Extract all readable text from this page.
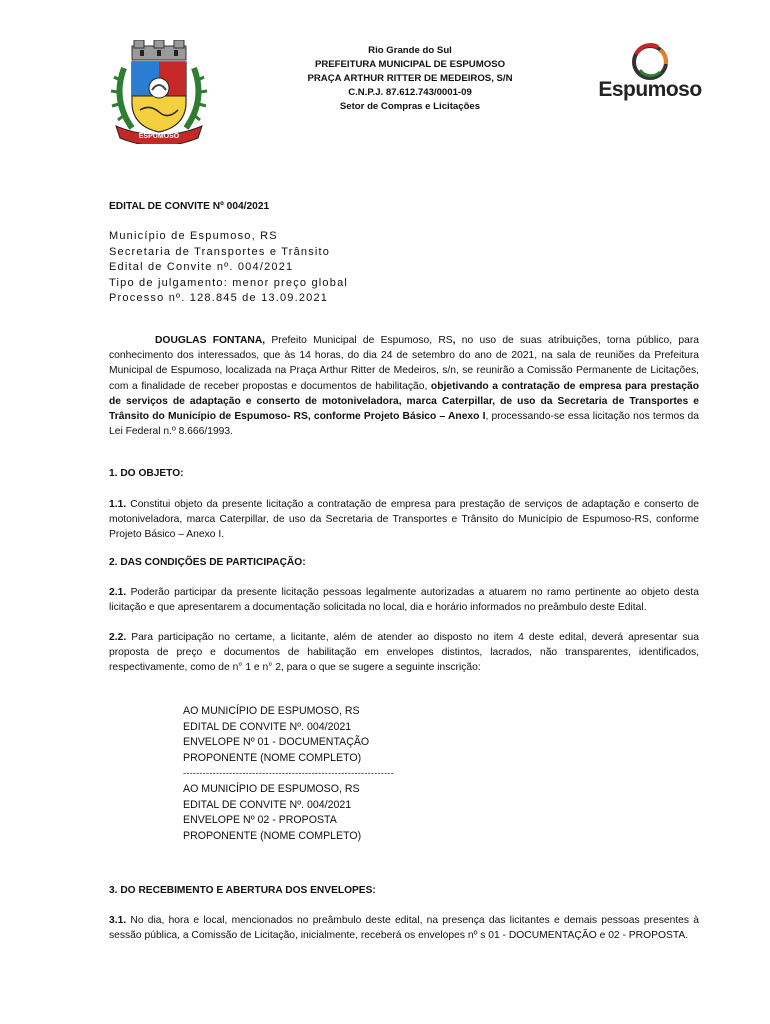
ESPUMOSO
Rio Grande do Sul
PREFEITURA MUNICIPAL DE ESPUMOSO
PRAÇA ARTHUR RITTER DE MEDEIROS, S/N
C.N.P.J. 87.612.743/0001-09
Setor de Compras e Licitações
Espumoso
EDITAL DE CONVITE Nº 004/2021
Município de Espumoso, RS
Secretaria de Transportes e Trânsito
Edital de Convite nº. 004/2021
Tipo de julgamento: menor preço global
Processo nº. 128.845 de 13.09.2021
DOUGLAS FONTANA, Prefeito Municipal de Espumoso, RS, no uso de suas atribuições, torna público, para conhecimento dos interessados, que às 14 horas, do dia 24 de setembro do ano de 2021, na sala de reuniões da Prefeitura Municipal de Espumoso, localizada na Praça Arthur Ritter de Medeiros, s/n, se reunirão a Comissão Permanente de Licitações, com a finalidade de receber propostas e documentos de habilitação, objetivando a contratação de empresa para prestação de serviços de adaptação e conserto de motoniveladora, marca Caterpillar, de uso da Secretaria de Transportes e Trânsito do Município de Espumoso- RS, conforme Projeto Básico – Anexo I, processando-se essa licitação nos termos da Lei Federal n.º 8.666/1993.
1. DO OBJETO:
1.1. Constitui objeto da presente licitação a contratação de empresa para prestação de serviços de adaptação e conserto de motoniveladora, marca Caterpillar, de uso da Secretaria de Transportes e Trânsito do Município de Espumoso-RS, conforme Projeto Básico – Anexo I.
2. DAS CONDIÇÕES DE PARTICIPAÇÃO:
2.1. Poderão participar da presente licitação pessoas legalmente autorizadas a atuarem no ramo pertinente ao objeto desta licitação e que apresentarem a documentação solicitada no local, dia e horário informados no preâmbulo deste Edital.
2.2. Para participação no certame, a licitante, além de atender ao disposto no item 4 deste edital, deverá apresentar sua proposta de preço e documentos de habilitação em envelopes distintos, lacrados, não transparentes, identificados, respectivamente, como de n° 1 e n° 2, para o que se sugere a seguinte inscrição:
AO MUNICÍPIO DE ESPUMOSO, RS
EDITAL DE CONVITE Nº. 004/2021
ENVELOPE Nº 01 - DOCUMENTAÇÃO
PROPONENTE (NOME COMPLETO)
----------------------------------------------------------------
AO MUNICÍPIO DE ESPUMOSO, RS
EDITAL DE CONVITE Nº. 004/2021
ENVELOPE Nº 02 - PROPOSTA
PROPONENTE (NOME COMPLETO)
3. DO RECEBIMENTO E ABERTURA DOS ENVELOPES:
3.1. No dia, hora e local, mencionados no preâmbulo deste edital, na presença das licitantes e demais pessoas presentes à sessão pública, a Comissão de Licitação, inicialmente, receberá os envelopes nº s 01 - DOCUMENTAÇÃO e 02 - PROPOSTA.
